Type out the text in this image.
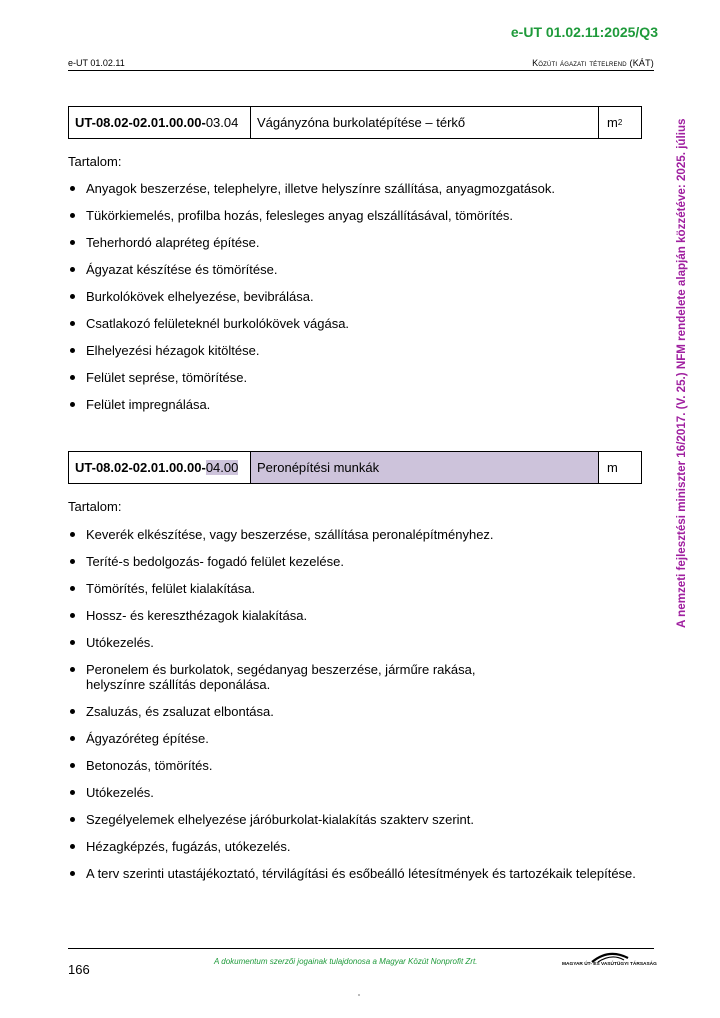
e-UT 01.02.11:2025/Q3
e-UT 01.02.11	Közúti ágazati tételrend (KÁT)
A nemzeti fejlesztési miniszter 16/2017. (V. 25.) NFM rendelete alapján közzétéve: 2025. július
UT-08.02-02.01.00.00- 03.04	Vágányzóna burkolatépítése – térkő	m 2
Tartalom:
Anyagok beszerzése, telephelyre, illetve helyszínre szállítása, anyagmozgatások.
Tükörkiemelés, profilba hozás, felesleges anyag elszállításával, tömörítés.
Teherhordó alapréteg építése.
Ágyazat készítése és tömörítése.
Burkolókövek elhelyezése, bevibrálása.
Csatlakozó felületeknél burkolókövek vágása.
Elhelyezési hézagok kitöltése.
Felület seprése, tömörítése.
Felület impregnálása.
UT-08.02-02.01.00.00- 04.00	Peronépítési munkák	m
Tartalom:
Keverék elkészítése, vagy beszerzése, szállítása peronalépítményhez.
Teríté-s bedolgozás- fogadó felület kezelése.
Tömörítés, felület kialakítása.
Hossz- és kereszthézagok kialakítása.
Utókezelés.
Peronelem és burkolatok, segédanyag beszerzése, járműre rakása,
helyszínre szállítás deponálása.
Zsaluzás, és zsaluzat elbontása.
Ágyazóréteg építése.
Betonozás, tömörítés.
Utókezelés.
Szegélyelemek elhelyezése járóburkolat-kialakítás szakterv szerint.
Hézagképzés, fugázás, utókezelés.
A terv szerinti utastájékoztató, térvilágítási és esőbeálló létesítmények és tartozékaik telepítése.
166
A dokumentum szerzői jogainak tulajdonosa a Magyar Közút Nonprofit Zrt.	MAGYAR ÚT- ÉS VASÚTÜGYI TÁRSASÁG
